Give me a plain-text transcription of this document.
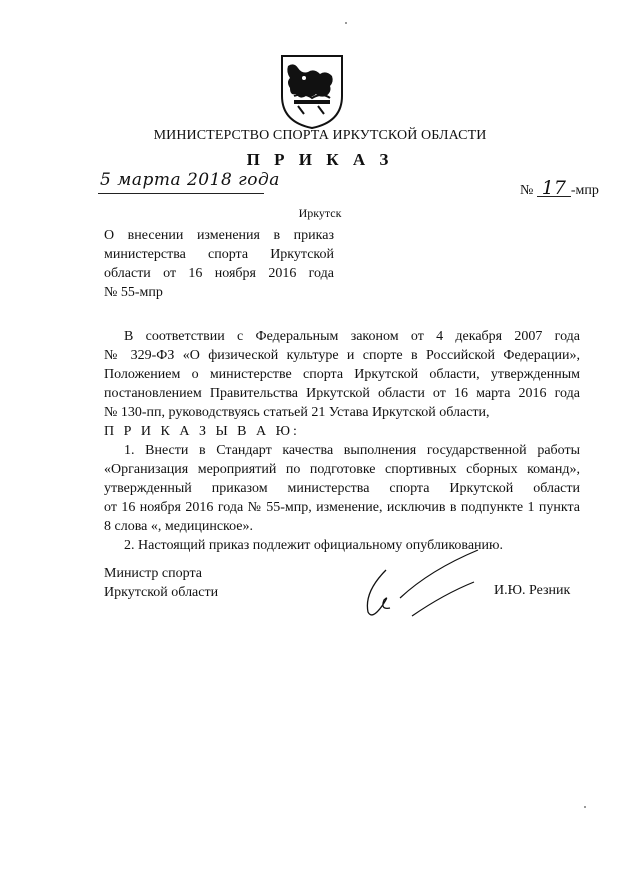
МИНИСТЕРСТВО СПОРТА ИРКУТСКОЙ ОБЛАСТИ
П Р И К А З
5 марта 2018 года
№ 17 -мпр
Иркутск
О внесении изменения в приказ
министерства спорта Иркутской
области от 16 ноября 2016 года
№ 55-мпр
В соответствии с Федеральным законом от 4 декабря 2007 года
№ 329-ФЗ «О физической культуре и спорте в Российской Федерации»,
Положением о министерстве спорта Иркутской области, утвержденным
постановлением Правительства Иркутской области от 16 марта 2016 года
№ 130-пп, руководствуясь статьей 21 Устава Иркутской области,
П Р И К А З Ы В А Ю:
1. Внести в Стандарт качества выполнения государственной работы
«Организация мероприятий по подготовке спортивных сборных команд»,
утвержденный приказом министерства спорта Иркутской области
от 16 ноября 2016 года № 55-мпр, изменение, исключив в подпункте 1 пункта
8 слова «, медицинское».
2. Настоящий приказ подлежит официальному опубликованию.
Министр спорта
Иркутской области	И.Ю. Резник
